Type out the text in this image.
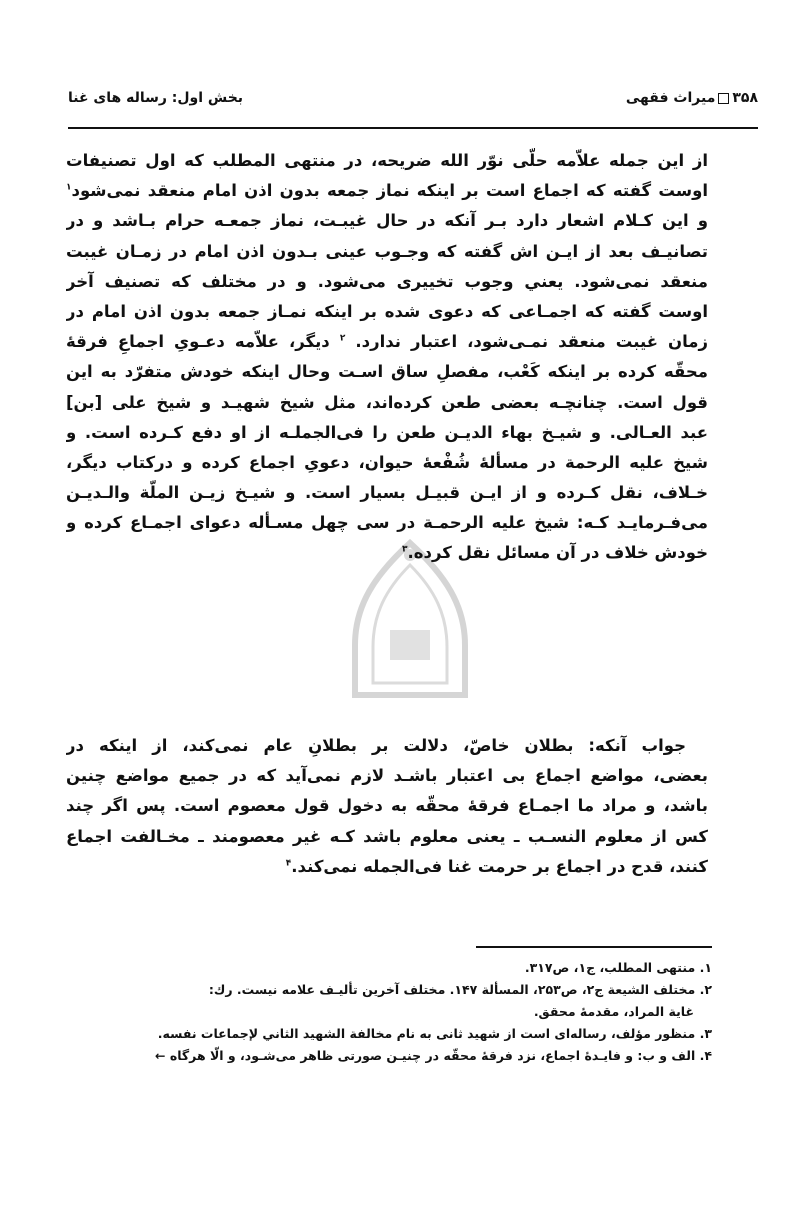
۳۵۸میراث فقهی
بخش اول: رساله های غنا
از این جمله علاّمه حلّی نوّر الله ضریحه، در منتهی المطلب که اول تصنیفات
اوست گفته که اجماع است بر اینکه نماز جمعه بدون اذن امام منعقد نمی‌شود$^۱$
و این کـلام اشعار دارد بـر آنکه در حال غیبـت، نماز جمعـه حرام بـاشد و در
تصانیـف بعد از ایـن اش گفته که وجـوب عینی بـدون اذن امام در زمـان غیبت
منعقد نمی‌شود. یعني وجوب تخییری می‌شود. و در مختلف که تصنیف آخر
اوست گفته که اجمـاعی که دعوی شده بر اینکه نمـاز جمعه بدون اذن امام در
زمان غیبت منعقد نمـی‌شود، اعتبار ندارد. $^۲$ دیگر، علاّمه دعـویِ اجماعِ فرقهٔ
محقّه کرده بر اینکه کَعْب، مفصلِ ساق اسـت وحال اینکه خودش متفرّد به این
قول است. چنانچـه بعضی طعن کرده‌اند، مثل شیخ شهیـد و شیخ علی [بن]
عبد العـالی. و شیـخ بهاء الدیـن طعن را فی‌الجملـه از او دفع کـرده است. و
شیخ علیه الرحمة در مسألهٔ شُفْعهٔ حیوان، دعویِ اجماع کرده و درکتاب دیگر،
خـلاف، نقل کـرده و از ایـن قبیـل بسیار است. و شیـخ زیـن الملّة والـدیـن
می‌فـرمایـد کـه: شیخ علیه الرحمـة در سی چهل مسـأله دعوای اجمـاع کرده و
خودش خلاف در آن مسائل نقل کرده.$^۳$
جواب آنکه: بطلان خاصّ، دلالت بر بطلانِ عام نمی‌کند، از اینکه در
بعضی، مواضع اجماع بی اعتبار باشـد لازم نمی‌آید که در جمیع مواضع چنین
باشد، و مراد ما اجمـاع فرقهٔ محقّه به دخول قول معصوم است. پس اگر چند
کس از معلوم النسـب ـ یعنی معلوم باشد کـه غیر معصومند ـ مخـالفت اجماع
کنند، قدح در اجماع بر حرمت غنا فی‌الجمله نمی‌کند.$^۴$
۱. منتهی المطلب، ج۱، ص۳۱۷.
۲. مختلف الشیعة ج۲، ص۲۵۳، المسألة ۱۴۷. مختلف آخرین تألیـف علامه نیست. رك:
غایة المراد، مقدمهٔ محقق.
۳. منظور مؤلف، رساله‌ای است از شهید ثانی به نام مخالفة الشهید الثاني لإجماعات نفسه.
۴. الف و ب: و فایـدهٔ اجماع، نزد فرقهٔ محقّه در چنیـن صورتی ظاهر می‌شـود، و الّا هرگاه ←
